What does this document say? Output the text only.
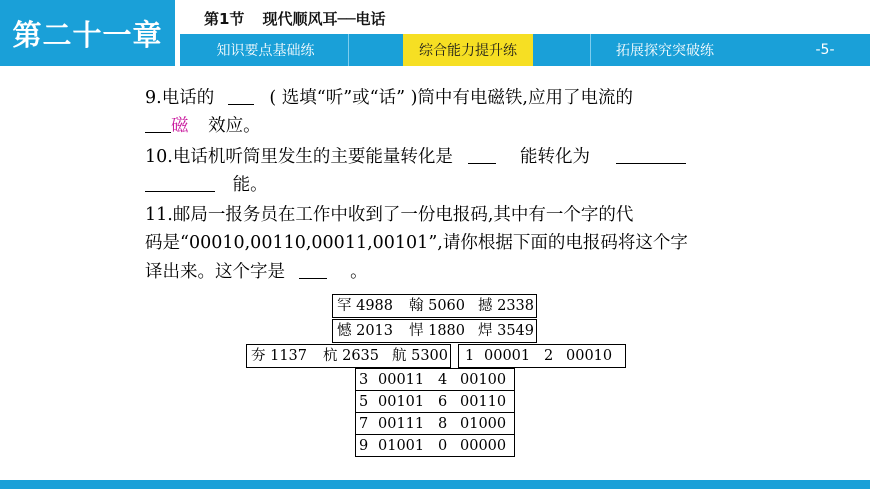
第二十一章	第1节 现代顺风耳──电话
知识要点基础练	综合能力提升练	拓展探究突破练	-5-
9.电话的	( 选填“听”或“话” )筒中有电磁铁,应用了电流的
磁 效应。
10.电话机听筒里发生的主要能量转化是	能转化为
能。
11.邮局一报务员在工作中收到了一份电报码,其中有一个字的代
码是“00010,00110,00011,00101”,请你根据下面的电报码将这个字
译出来。这个字是	。
罕 4988 翰 5060 撼 2338
憾 2013 悍 1880 焊 3549
夯 1137 杭 2635 航 5300	1 00001 2 00010
3 00011 4 00100
5 00101 6 00110
7 00111 8 01000
9 01001 0 00000
